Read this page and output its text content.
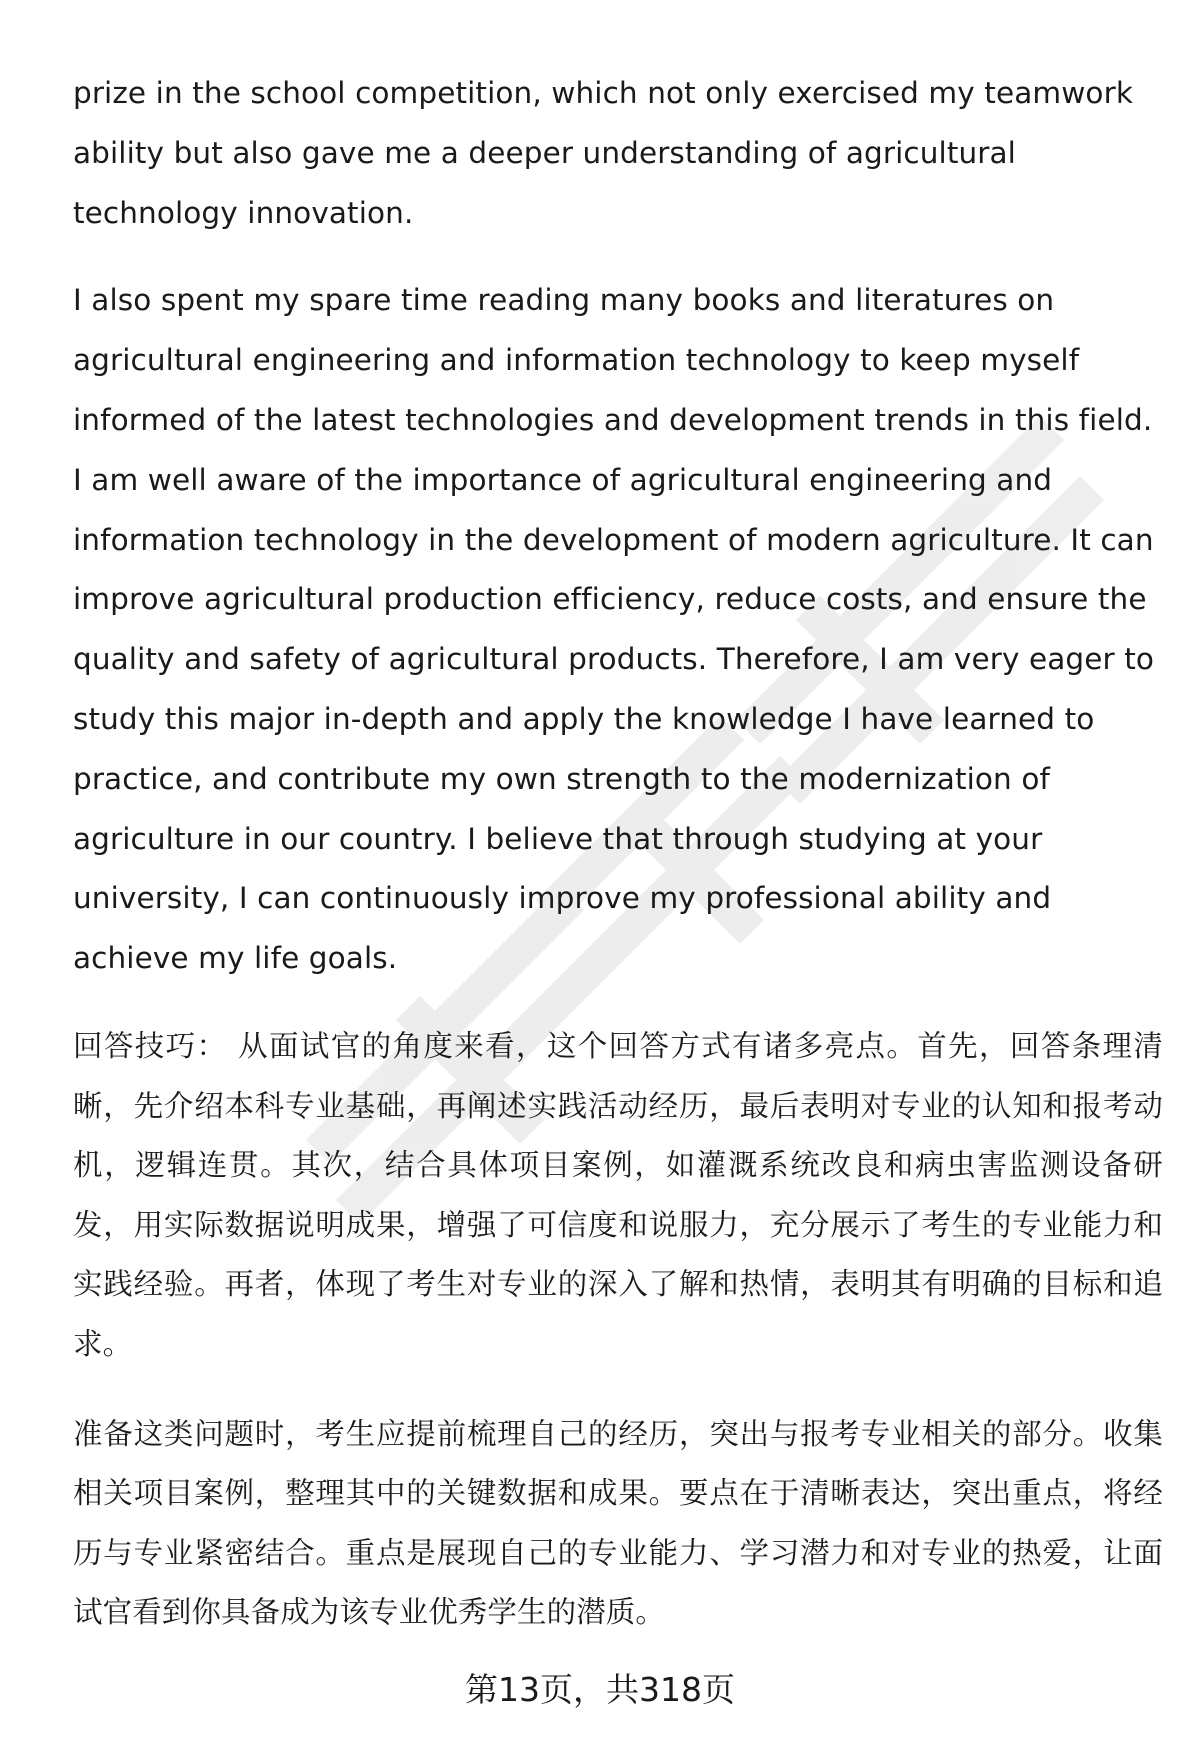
prize in the school competition, which not only exercised my teamwork ability but also gave me a deeper understanding of agricultural technology innovation.

I also spent my spare time reading many books and literatures on agricultural engineering and information technology to keep myself informed of the latest technologies and development trends in this field. I am well aware of the importance of agricultural engineering and information technology in the development of modern agriculture. It can improve agricultural production efficiency, reduce costs, and ensure the quality and safety of agricultural products. Therefore, I am very eager to study this major in-depth and apply the knowledge I have learned to practice, and contribute my own strength to the modernization of agriculture in our country. I believe that through studying at your university, I can continuously improve my professional ability and achieve my life goals.

回答技巧： 从面试官的角度来看，这个回答方式有诸多亮点。首先，回答条理清晰，先介绍本科专业基础，再阐述实践活动经历，最后表明对专业的认知和报考动机，逻辑连贯。其次，结合具体项目案例，如灌溉系统改良和病虫害监测设备研发，用实际数据说明成果，增强了可信度和说服力，充分展示了考生的专业能力和实践经验。再者，体现了考生对专业的深入了解和热情，表明其有明确的目标和追求。

准备这类问题时，考生应提前梳理自己的经历，突出与报考专业相关的部分。收集相关项目案例，整理其中的关键数据和成果。要点在于清晰表达，突出重点，将经历与专业紧密结合。重点是展现自己的专业能力、学习潜力和对专业的热爱，让面试官看到你具备成为该专业优秀学生的潜质。

第13页，共318页
